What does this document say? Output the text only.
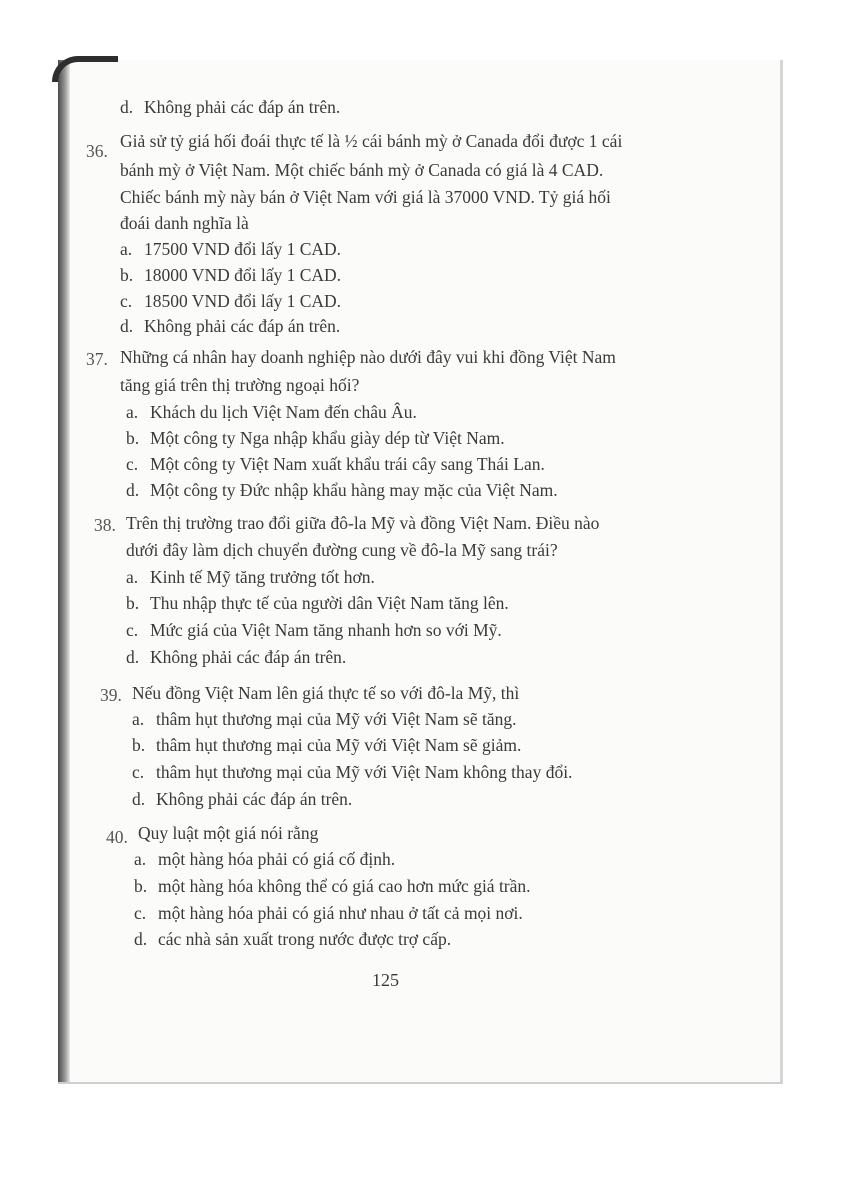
d. Không phải các đáp án trên.
36. Giả sử tỷ giá hối đoái thực tế là ½ cái bánh mỳ ở Canada đổi được 1 cái
bánh mỳ ở Việt Nam. Một chiếc bánh mỳ ở Canada có giá là 4 CAD.
Chiếc bánh mỳ này bán ở Việt Nam với giá là 37000 VND. Tỷ giá hối
đoái danh nghĩa là
a. 17500 VND đổi lấy 1 CAD.
b. 18000 VND đổi lấy 1 CAD.
c. 18500 VND đổi lấy 1 CAD.
d. Không phải các đáp án trên.
37. Những cá nhân hay doanh nghiệp nào dưới đây vui khi đồng Việt Nam
tăng giá trên thị trường ngoại hối?
a. Khách du lịch Việt Nam đến châu Âu.
b. Một công ty Nga nhập khẩu giày dép từ Việt Nam.
c. Một công ty Việt Nam xuất khẩu trái cây sang Thái Lan.
d. Một công ty Đức nhập khẩu hàng may mặc của Việt Nam.
38. Trên thị trường trao đổi giữa đô-la Mỹ và đồng Việt Nam. Điều nào
dưới đây làm dịch chuyển đường cung về đô-la Mỹ sang trái?
a. Kinh tế Mỹ tăng trưởng tốt hơn.
b. Thu nhập thực tế của người dân Việt Nam tăng lên.
c. Mức giá của Việt Nam tăng nhanh hơn so với Mỹ.
d. Không phải các đáp án trên.
39. Nếu đồng Việt Nam lên giá thực tế so với đô-la Mỹ, thì
a. thâm hụt thương mại của Mỹ với Việt Nam sẽ tăng.
b. thâm hụt thương mại của Mỹ với Việt Nam sẽ giảm.
c. thâm hụt thương mại của Mỹ với Việt Nam không thay đổi.
d. Không phải các đáp án trên.
40. Quy luật một giá nói rằng
a. một hàng hóa phải có giá cố định.
b. một hàng hóa không thể có giá cao hơn mức giá trần.
c. một hàng hóa phải có giá như nhau ở tất cả mọi nơi.
d. các nhà sản xuất trong nước được trợ cấp.
125
